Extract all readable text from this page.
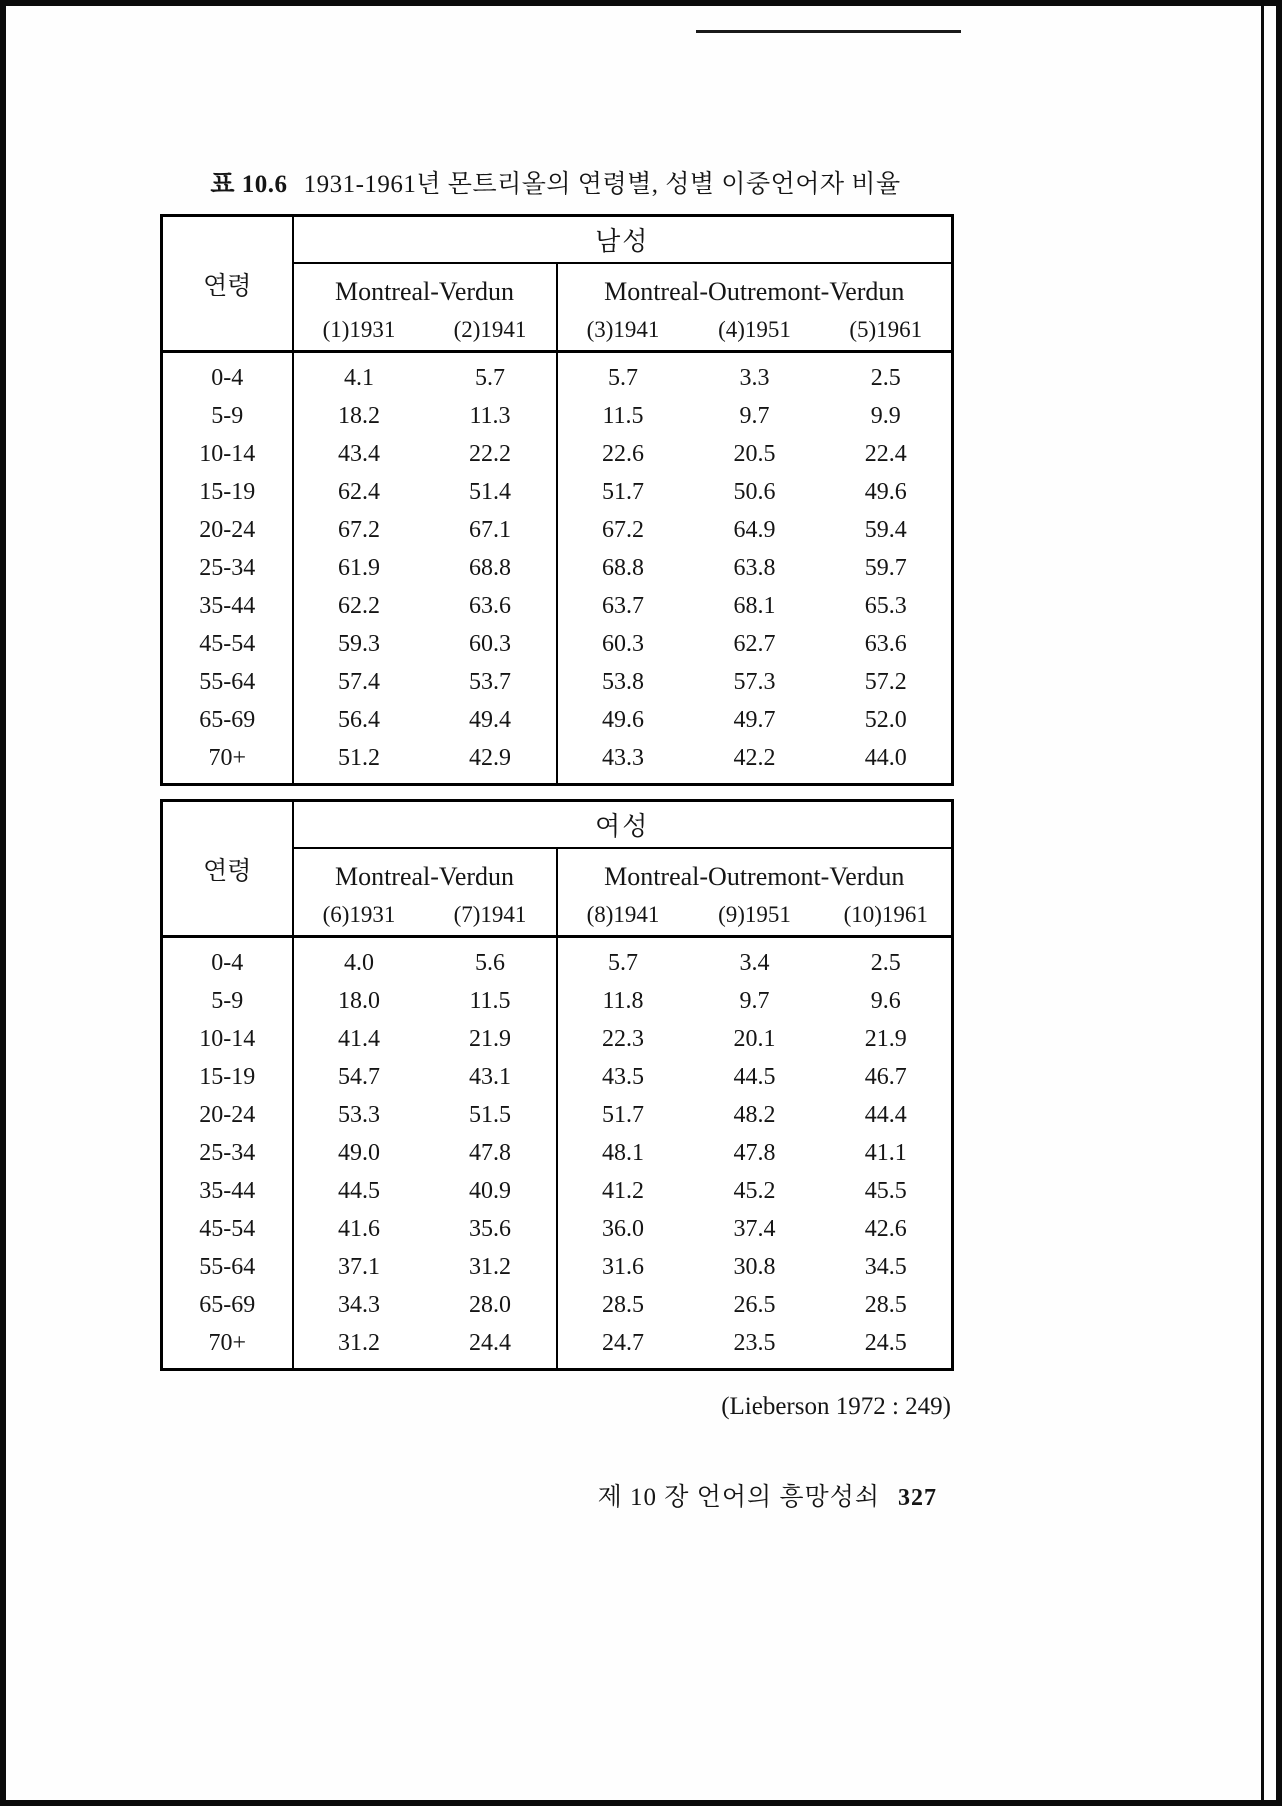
표 10.6 1931-1961년 몬트리올의 연령별, 성별 이중언어자 비율
연령	남성				
	Montreal-Verdun		Montreal-Outremont-Verdun		
	(1)1931	(2)1941	(3)1941	(4)1951	(5)1961
0-4	4.1	5.7	5.7	3.3	2.5
5-9	18.2	11.3	11.5	9.7	9.9
10-14	43.4	22.2	22.6	20.5	22.4
15-19	62.4	51.4	51.7	50.6	49.6
20-24	67.2	67.1	67.2	64.9	59.4
25-34	61.9	68.8	68.8	63.8	59.7
35-44	62.2	63.6	63.7	68.1	65.3
45-54	59.3	60.3	60.3	62.7	63.6
55-64	57.4	53.7	53.8	57.3	57.2
65-69	56.4	49.4	49.6	49.7	52.0
70+	51.2	42.9	43.3	42.2	44.0
연령	여성				
	Montreal-Verdun		Montreal-Outremont-Verdun		
	(6)1931	(7)1941	(8)1941	(9)1951	(10)1961
0-4	4.0	5.6	5.7	3.4	2.5
5-9	18.0	11.5	11.8	9.7	9.6
10-14	41.4	21.9	22.3	20.1	21.9
15-19	54.7	43.1	43.5	44.5	46.7
20-24	53.3	51.5	51.7	48.2	44.4
25-34	49.0	47.8	48.1	47.8	41.1
35-44	44.5	40.9	41.2	45.2	45.5
45-54	41.6	35.6	36.0	37.4	42.6
55-64	37.1	31.2	31.6	30.8	34.5
65-69	34.3	28.0	28.5	26.5	28.5
70+	31.2	24.4	24.7	23.5	24.5
(Lieberson 1972 : 249)
제 10 장 언어의 흥망성쇠 327
